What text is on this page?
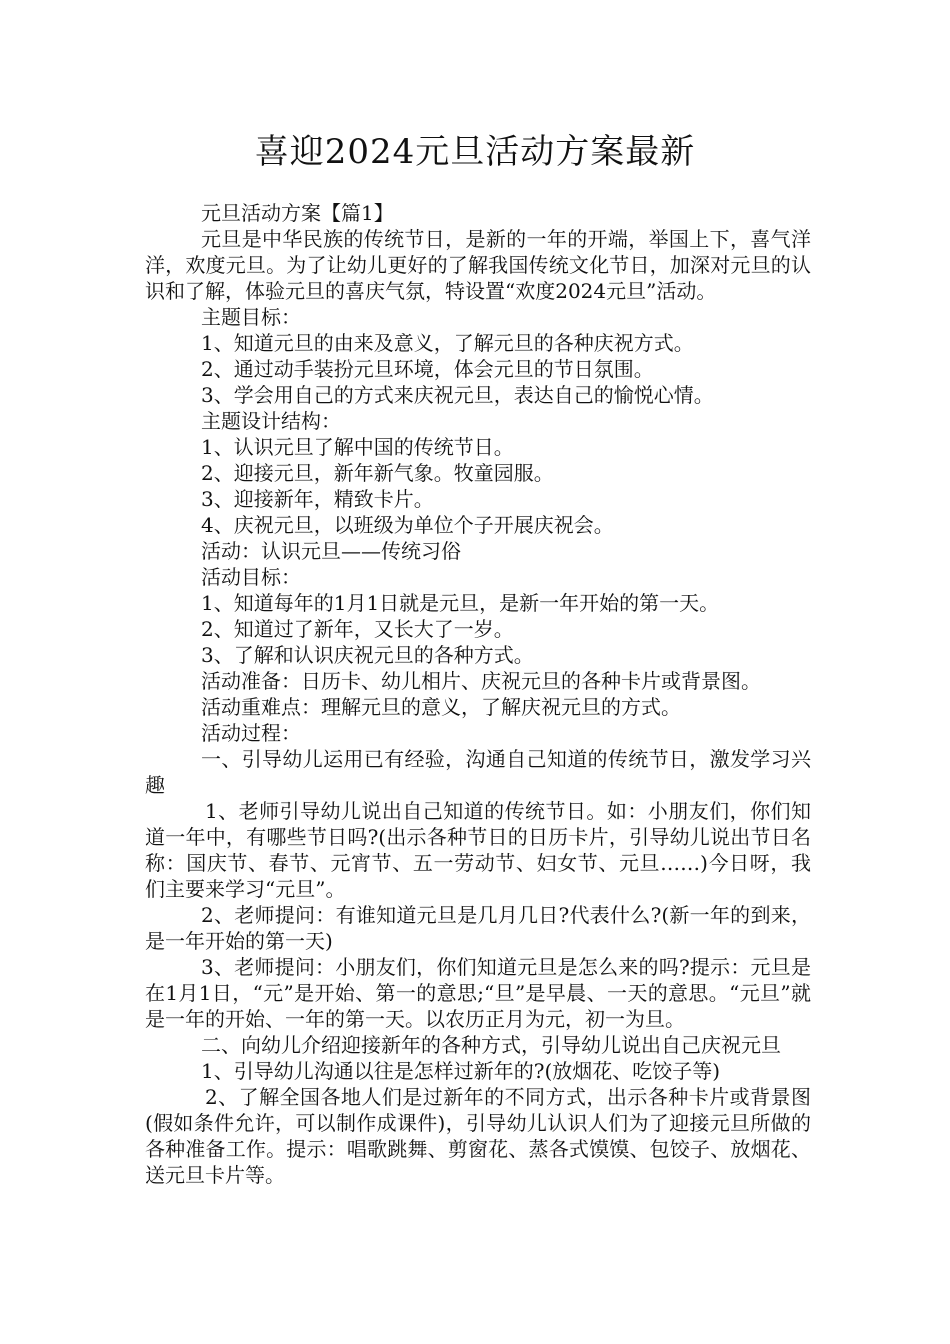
喜迎2024元旦活动方案最新

元旦活动方案【篇1】

元旦是中华民族的传统节日，是新的一年的开端，举国上下，喜气洋洋，欢度元旦。为了让幼儿更好的了解我国传统文化节日，加深对元旦的认识和了解，体验元旦的喜庆气氛，特设置“欢度2024元旦”活动。

主题目标：

1、知道元旦的由来及意义，了解元旦的各种庆祝方式。

2、通过动手装扮元旦环境，体会元旦的节日氛围。

3、学会用自己的方式来庆祝元旦，表达自己的愉悦心情。

主题设计结构：

1、认识元旦了解中国的传统节日。

2、迎接元旦，新年新气象。牧童园服。

3、迎接新年，精致卡片。

4、庆祝元旦，以班级为单位个子开展庆祝会。

活动：认识元旦——传统习俗

活动目标：

1、知道每年的1月1日就是元旦，是新一年开始的第一天。

2、知道过了新年，又长大了一岁。

3、了解和认识庆祝元旦的各种方式。

活动准备：日历卡、幼儿相片、庆祝元旦的各种卡片或背景图。

活动重难点：理解元旦的意义，了解庆祝元旦的方式。

活动过程：

一、引导幼儿运用已有经验，沟通自己知道的传统节日，激发学习兴趣

1、老师引导幼儿说出自己知道的传统节日。如：小朋友们，你们知道一年中，有哪些节日吗?(出示各种节日的日历卡片，引导幼儿说出节日名称：国庆节、春节、元宵节、五一劳动节、妇女节、元旦……)今日呀，我们主要来学习“元旦”。

2、老师提问：有谁知道元旦是几月几日?代表什么?(新一年的到来，是一年开始的第一天)

3、老师提问：小朋友们，你们知道元旦是怎么来的吗?提示：元旦是在1月1日，“元”是开始、第一的意思;“旦”是早晨、一天的意思。“元旦”就是一年的开始、一年的第一天。以农历正月为元，初一为旦。

二、向幼儿介绍迎接新年的各种方式，引导幼儿说出自己庆祝元旦

1、引导幼儿沟通以往是怎样过新年的?(放烟花、吃饺子等)

2、了解全国各地人们是过新年的不同方式，出示各种卡片或背景图(假如条件允许，可以制作成课件)，引导幼儿认识人们为了迎接元旦所做的各种准备工作。提示：唱歌跳舞、剪窗花、蒸各式馍馍、包饺子、放烟花、送元旦卡片等。
